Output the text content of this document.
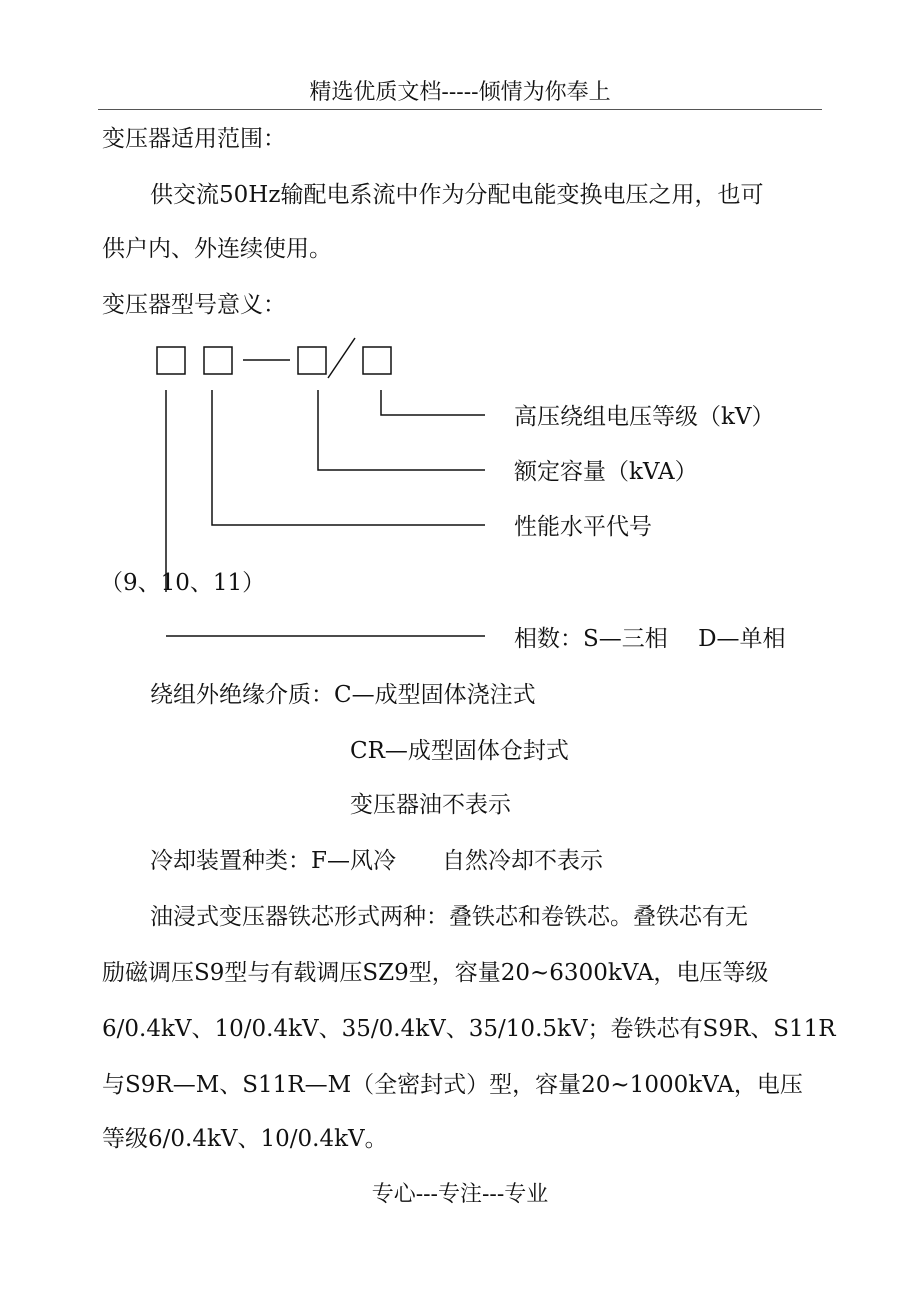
精选优质文档-----倾情为你奉上
变压器适用范围：
供交流50Hz输配电系流中作为分配电能变换电压之用，也可
供户内、外连续使用。
变压器型号意义：
高压绕组电压等级（kV）
额定容量（kVA）
性能水平代号
（9、10、11）
相数：S—三相　 D—单相
绕组外绝缘介质：C—成型固体浇注式
CR—成型固体仓封式
变压器油不表示
冷却装置种类：F—风冷　　自然冷却不表示
油浸式变压器铁芯形式两种：叠铁芯和卷铁芯。叠铁芯有无
励磁调压S9型与有载调压SZ9型，容量20~6300kVA，电压等级
6/0.4kV、10/0.4kV、35/0.4kV、35/10.5kV；卷铁芯有S9R、S11R
与S9R—M、S11R—M（全密封式）型，容量20~1000kVA，电压
等级6/0.4kV、10/0.4kV。
专心---专注---专业
